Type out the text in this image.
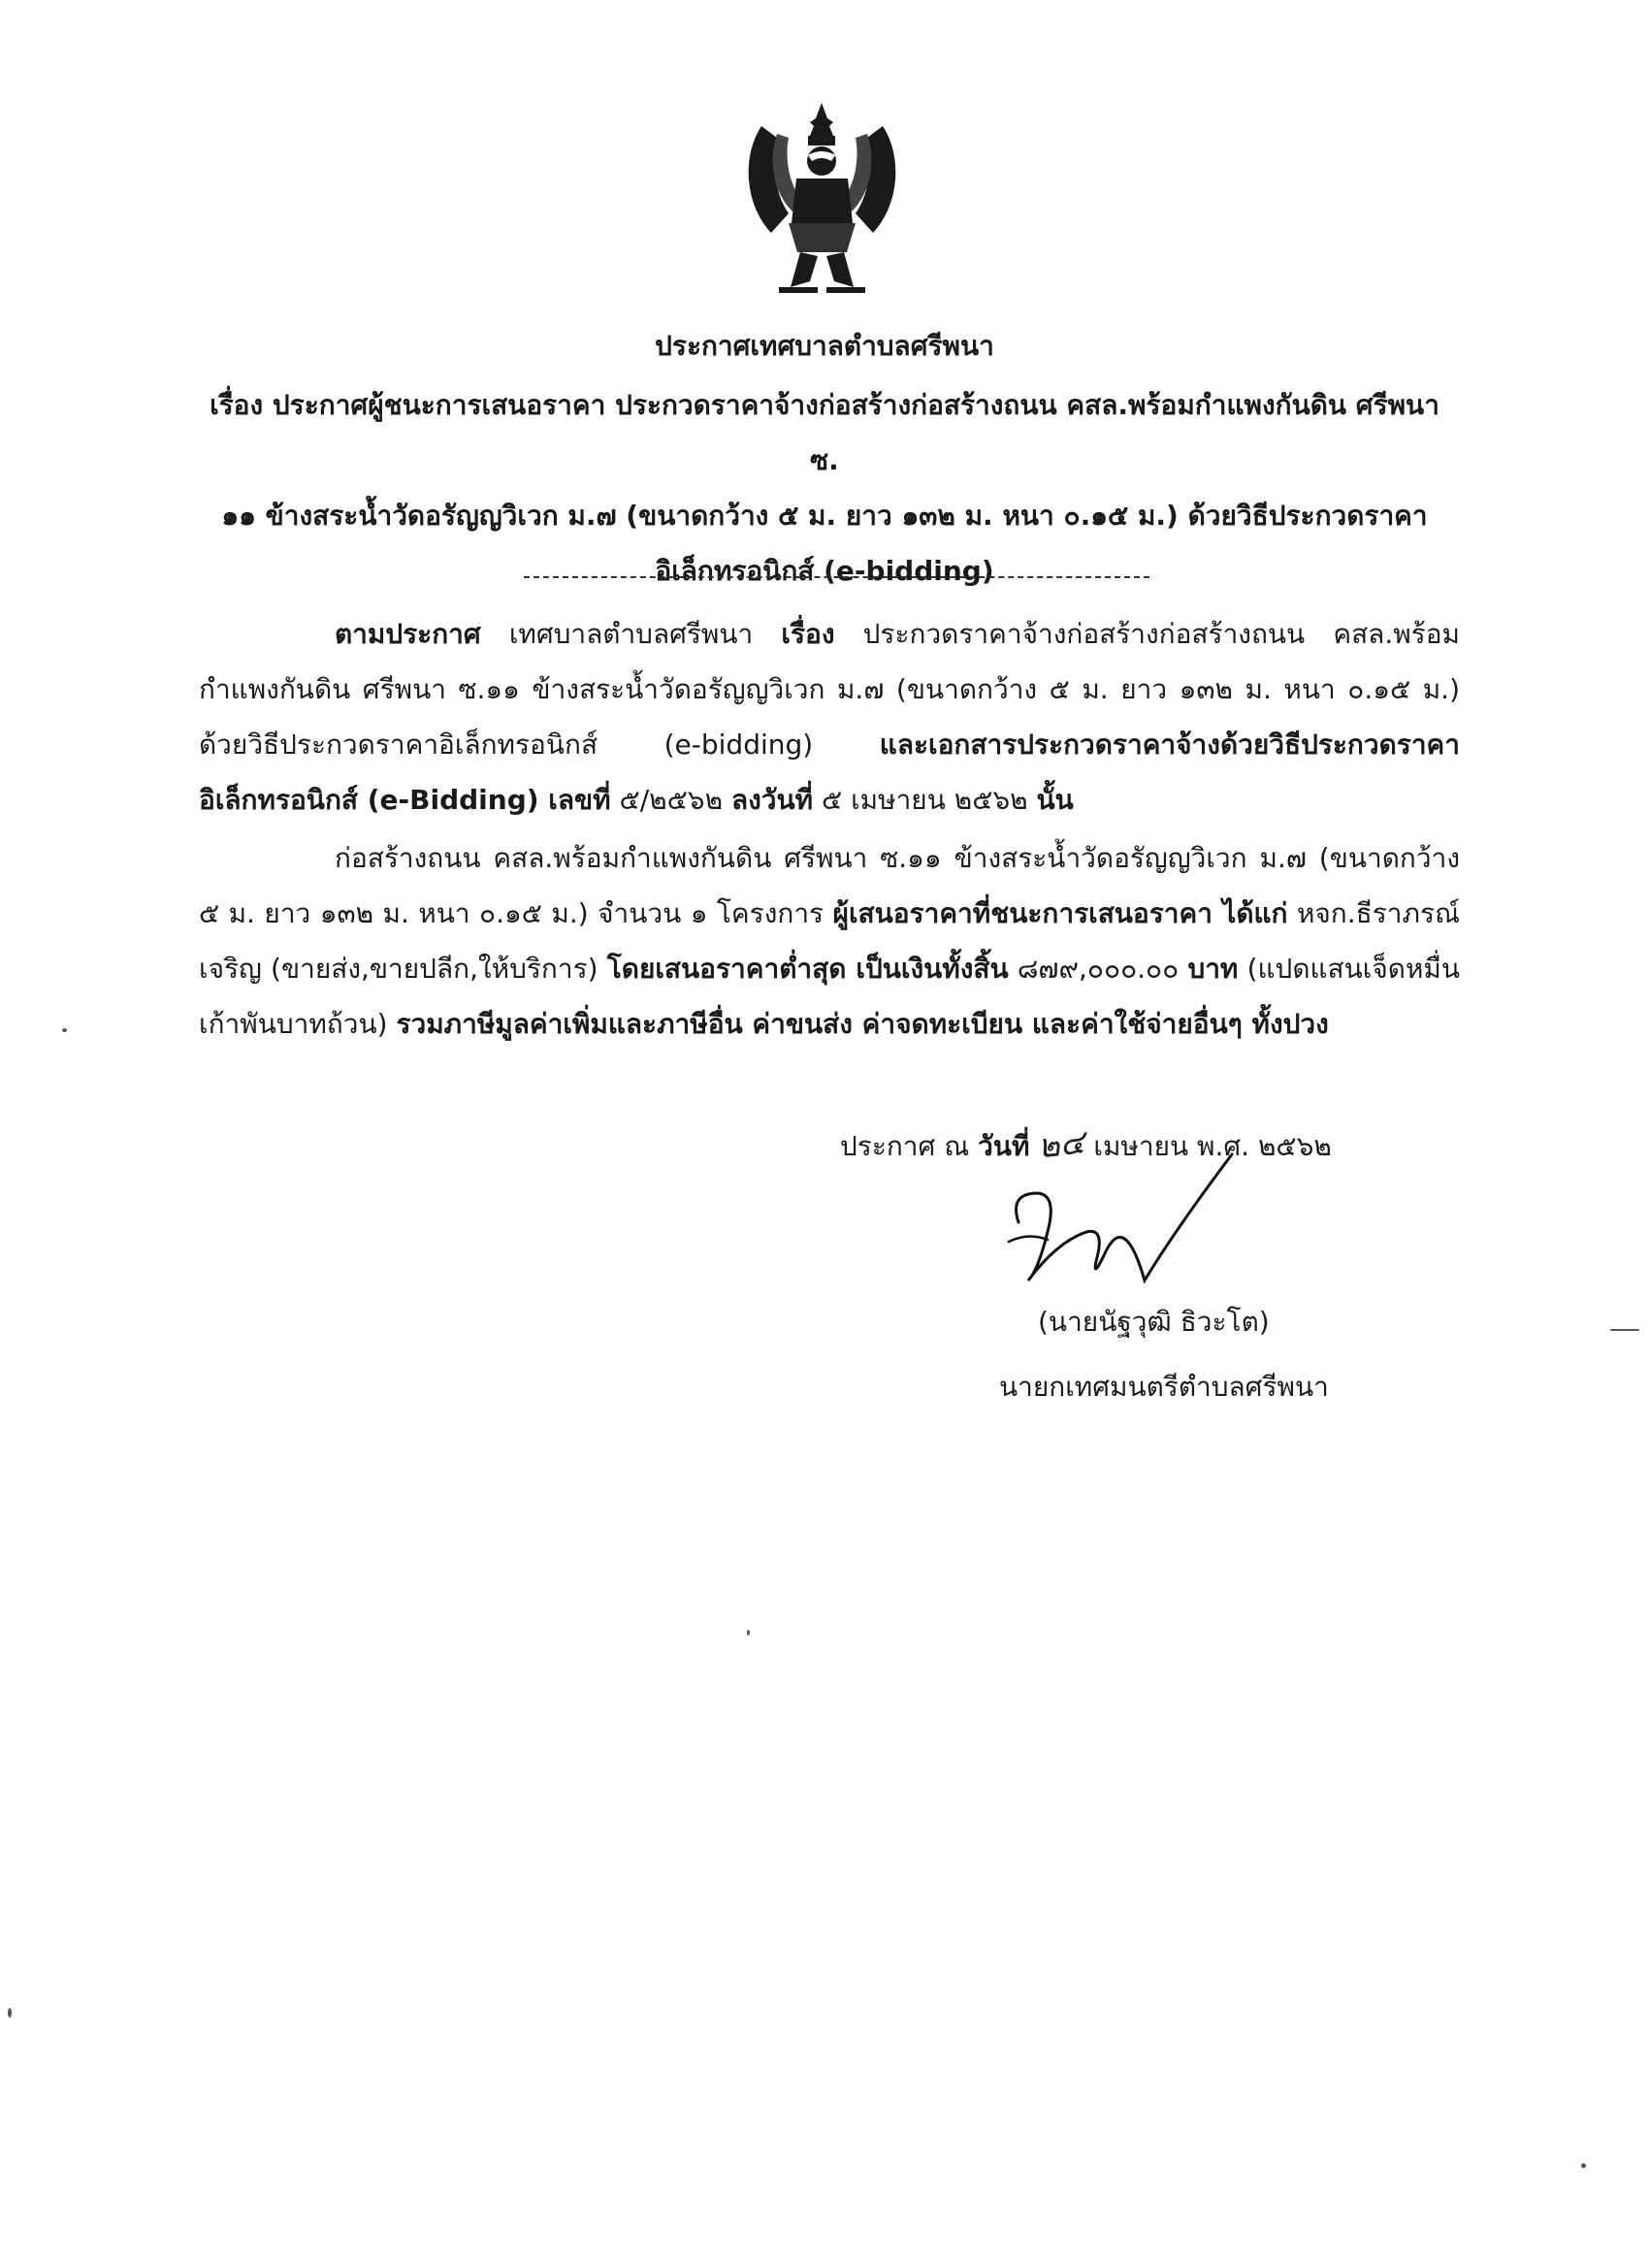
ประกาศเทศบาลตำบลศรีพนา

เรื่อง ประกาศผู้ชนะการเสนอราคา ประกวดราคาจ้างก่อสร้างก่อสร้างถนน คสล.พร้อมกำแพงกันดิน ศรีพนา ซ.
๑๑ ข้างสระน้ำวัดอรัญญวิเวก ม.๗ (ขนาดกว้าง ๕ ม. ยาว ๑๓๒ ม. หนา ๐.๑๕ ม.) ด้วยวิธีประกวดราคา
อิเล็กทรอนิกส์ (e-bidding)

ตามประกาศ เทศบาลตำบลศรีพนา เรื่อง ประกวดราคาจ้างก่อสร้างก่อสร้างถนน คสล.พร้อมกำแพงกันดิน ศรีพนา ซ.๑๑ ข้างสระน้ำวัดอรัญญวิเวก ม.๗ (ขนาดกว้าง ๕ ม. ยาว ๑๓๒ ม. หนา ๐.๑๕ ม.) ด้วยวิธีประกวดราคาอิเล็กทรอนิกส์ (e-bidding) และเอกสารประกวดราคาจ้างด้วยวิธีประกวดราคาอิเล็กทรอนิกส์ (e-Bidding) เลขที่ ๕/๒๕๖๒ ลงวันที่ ๕ เมษายน ๒๕๖๒ นั้น

ก่อสร้างถนน คสล.พร้อมกำแพงกันดิน ศรีพนา ซ.๑๑ ข้างสระน้ำวัดอรัญญวิเวก ม.๗ (ขนาดกว้าง ๕ ม. ยาว ๑๓๒ ม. หนา ๐.๑๕ ม.) จำนวน ๑ โครงการ ผู้เสนอราคาที่ชนะการเสนอราคา ได้แก่ หจก.ธีราภรณ์เจริญ (ขายส่ง,ขายปลีก,ให้บริการ) โดยเสนอราคาต่ำสุด เป็นเงินทั้งสิ้น ๘๗๙,๐๐๐.๐๐ บาท (แปดแสนเจ็ดหมื่นเก้าพันบาทถ้วน) รวมภาษีมูลค่าเพิ่มและภาษีอื่น ค่าขนส่ง ค่าจดทะเบียน และค่าใช้จ่ายอื่นๆ ทั้งปวง

ประกาศ ณ วันที่ ๒๔ เมษายน พ.ศ. ๒๕๖๒
(นายนัฐวุฒิ ธิวะโต)
นายกเทศมนตรีตำบลศรีพนา
